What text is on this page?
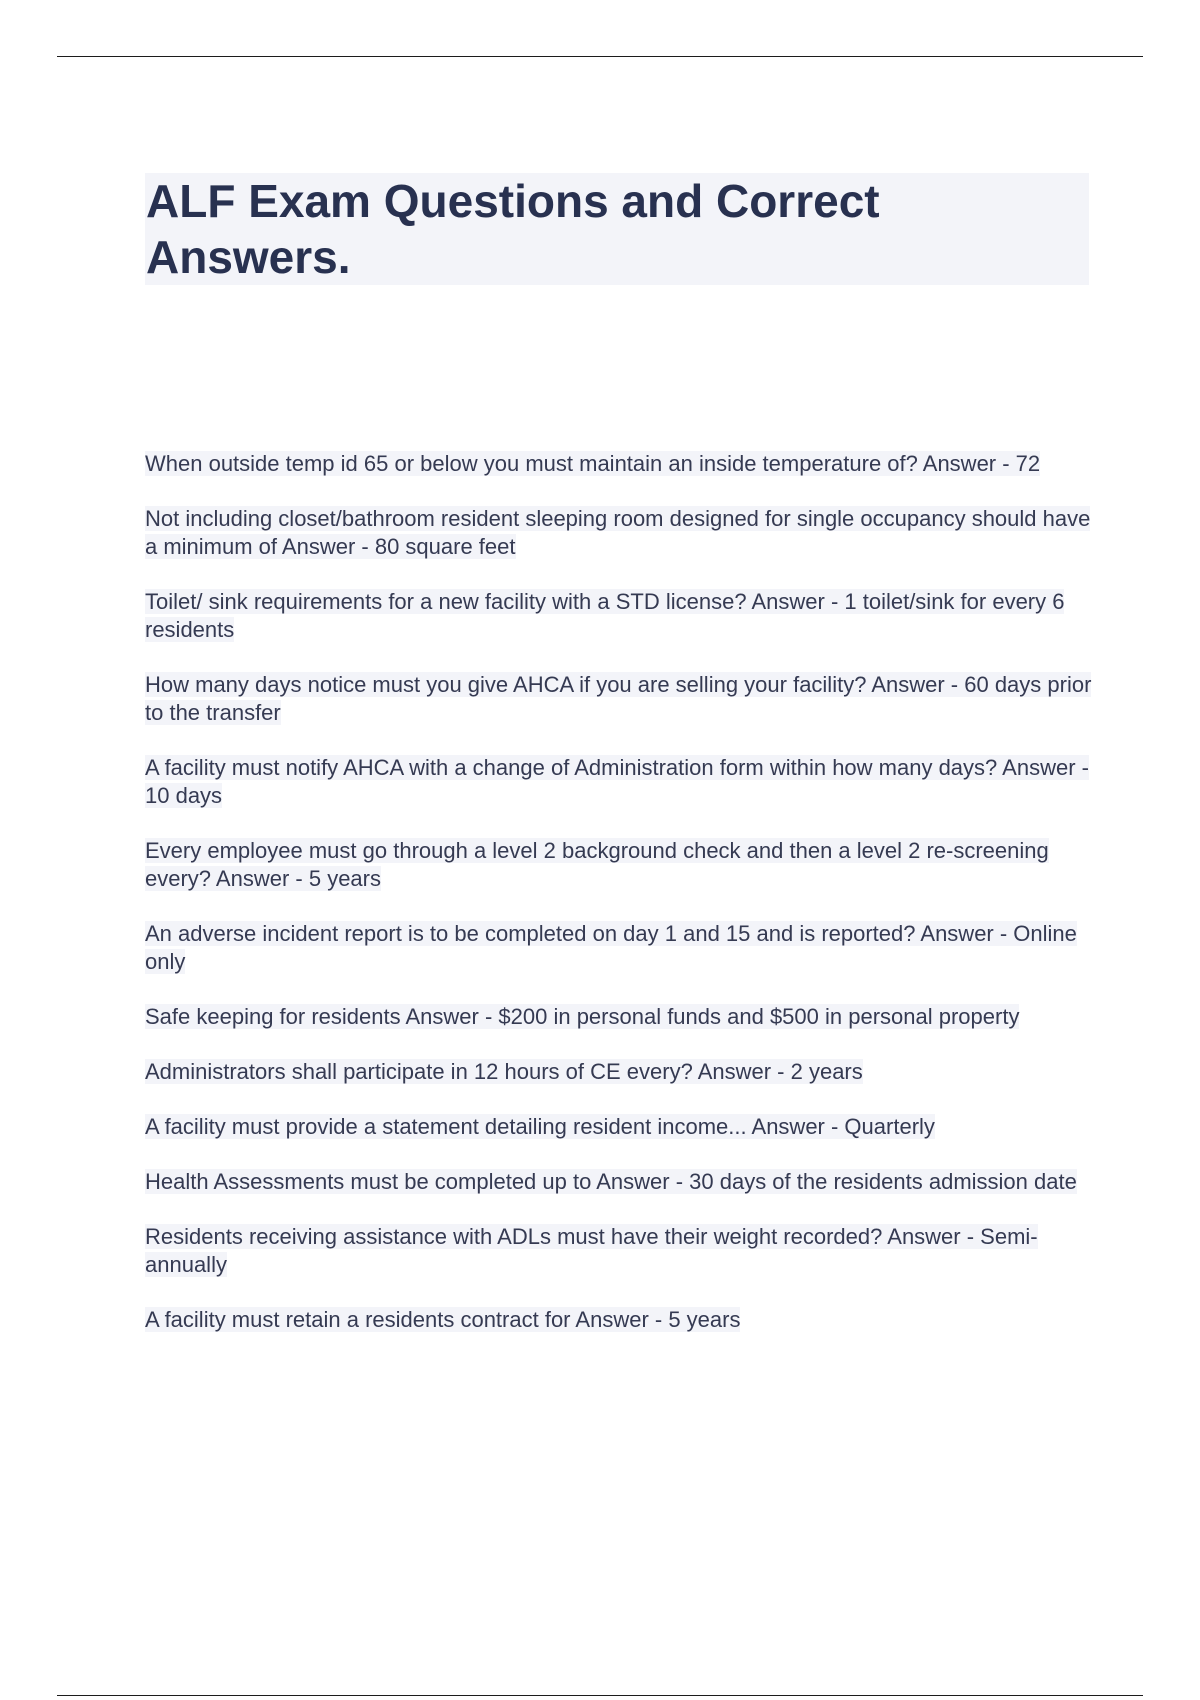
ALF Exam Questions and Correct Answers.
When outside temp id 65 or below you must maintain an inside temperature of? Answer - 72
Not including closet/bathroom resident sleeping room designed for single occupancy should have a minimum of Answer - 80 square feet
Toilet/ sink requirements for a new facility with a STD license? Answer - 1 toilet/sink for every 6 residents
How many days notice must you give AHCA if you are selling your facility? Answer - 60 days prior to the transfer
A facility must notify AHCA with a change of Administration form within how many days? Answer - 10 days
Every employee must go through a level 2 background check and then a level 2 re-screening every? Answer - 5 years
An adverse incident report is to be completed on day 1 and 15 and is reported? Answer - Online only
Safe keeping for residents Answer - $200 in personal funds and $500 in personal property
Administrators shall participate in 12 hours of CE every? Answer - 2 years
A facility must provide a statement detailing resident income... Answer - Quarterly
Health Assessments must be completed up to Answer - 30 days of the residents admission date
Residents receiving assistance with ADLs must have their weight recorded? Answer - Semi-annually
A facility must retain a residents contract for Answer - 5 years
